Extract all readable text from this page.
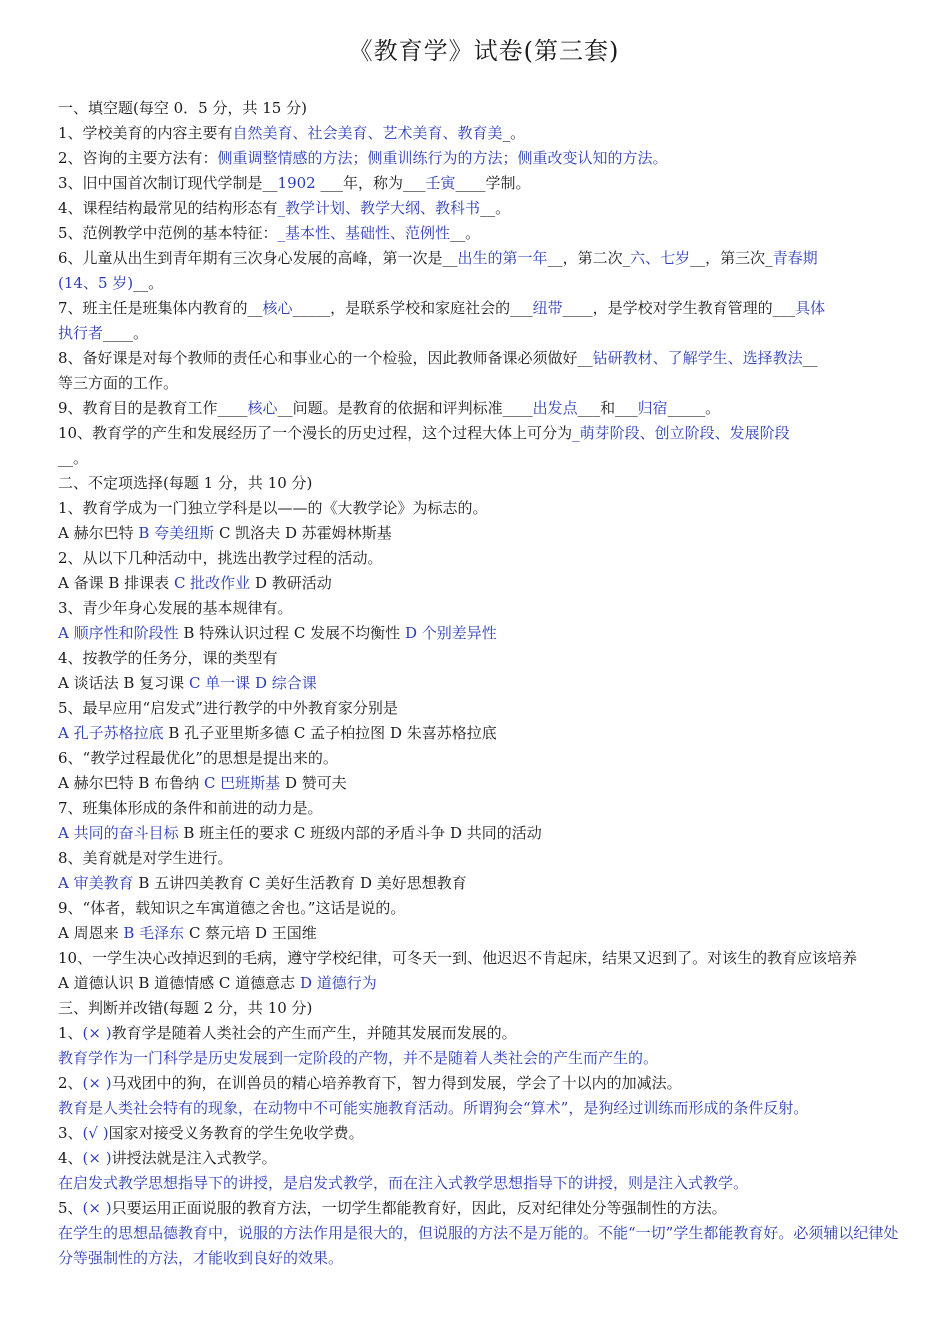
《教育学》试卷(第三套)
一、填空题(每空 0．5 分，共 15 分)
1、学校美育的内容主要有自然美育、社会美育、艺术美育、教育美_。
2、咨询的主要方法有：侧重调整情感的方法；侧重训练行为的方法；侧重改变认知的方法。
3、旧中国首次制订现代学制是__1902 ___年，称为___壬寅____学制。
4、课程结构最常见的结构形态有_教学计划、教学大纲、教科书__。
5、范例教学中范例的基本特征：_基本性、基础性、范例性__。
6、儿童从出生到青年期有三次身心发展的高峰，第一次是__出生的第一年__，第二次_六、七岁__，第三次_青春期
(14、5 岁)__。
7、班主任是班集体内教育的__核心_____，是联系学校和家庭社会的___纽带____，是学校对学生教育管理的___具体
执行者____。
8、备好课是对每个教师的责任心和事业心的一个检验，因此教师备课必须做好__钻研教材、了解学生、选择教法__
等三方面的工作。
9、教育目的是教育工作____核心__问题。是教育的依据和评判标准____出发点___和___归宿_____。
10、教育学的产生和发展经历了一个漫长的历史过程，这个过程大体上可分为_萌芽阶段、创立阶段、发展阶段
__。
二、不定项选择(每题 1 分，共 10 分)
1、教育学成为一门独立学科是以——的《大教学论》为标志的。
A 赫尔巴特 B 夸美纽斯 C 凯洛夫 D 苏霍姆林斯基
2、从以下几种活动中，挑选出教学过程的活动。
A 备课 B 排课表 C 批改作业 D 教研活动
3、青少年身心发展的基本规律有。
A 顺序性和阶段性 B 特殊认识过程 C 发展不均衡性 D 个别差异性
4、按教学的任务分，课的类型有
A 谈话法 B 复习课 C 单一课 D 综合课
5、最早应用“启发式”进行教学的中外教育家分别是
A 孔子苏格拉底 B 孔子亚里斯多德 C 孟子柏拉图 D 朱喜苏格拉底
6、“教学过程最优化”的思想是提出来的。
A 赫尔巴特 B 布鲁纳 C 巴班斯基 D 赞可夫
7、班集体形成的条件和前进的动力是。
A 共同的奋斗目标 B 班主任的要求 C 班级内部的矛盾斗争 D 共同的活动
8、美育就是对学生进行。
A 审美教育 B 五讲四美教育 C 美好生活教育 D 美好思想教育
9、“体者，载知识之车寓道德之舍也。”这话是说的。
A 周恩来 B 毛泽东 C 蔡元培 D 王国维
10、一学生决心改掉迟到的毛病，遵守学校纪律，可冬天一到、他迟迟不肯起床，结果又迟到了。对该生的教育应该培养
A 道德认识 B 道德情感 C 道德意志 D 道德行为
三、判断并改错(每题 2 分，共 10 分)
1、(× )教育学是随着人类社会的产生而产生，并随其发展而发展的。
教育学作为一门科学是历史发展到一定阶段的产物，并不是随着人类社会的产生而产生的。
2、(× )马戏团中的狗，在训兽员的精心培养教育下，智力得到发展，学会了十以内的加减法。
教育是人类社会特有的现象，在动物中不可能实施教育活动。所谓狗会“算术”，是狗经过训练而形成的条件反射。
3、(√ )国家对接受义务教育的学生免收学费。
4、(× )讲授法就是注入式教学。
在启发式教学思想指导下的讲授，是启发式教学，而在注入式教学思想指导下的讲授，则是注入式教学。
5、(× )只要运用正面说服的教育方法，一切学生都能教育好，因此，反对纪律处分等强制性的方法。
在学生的思想品德教育中，说服的方法作用是很大的，但说服的方法不是万能的。不能“一切”学生都能教育好。必须辅以纪律处分等强制性的方法，才能收到良好的效果。
